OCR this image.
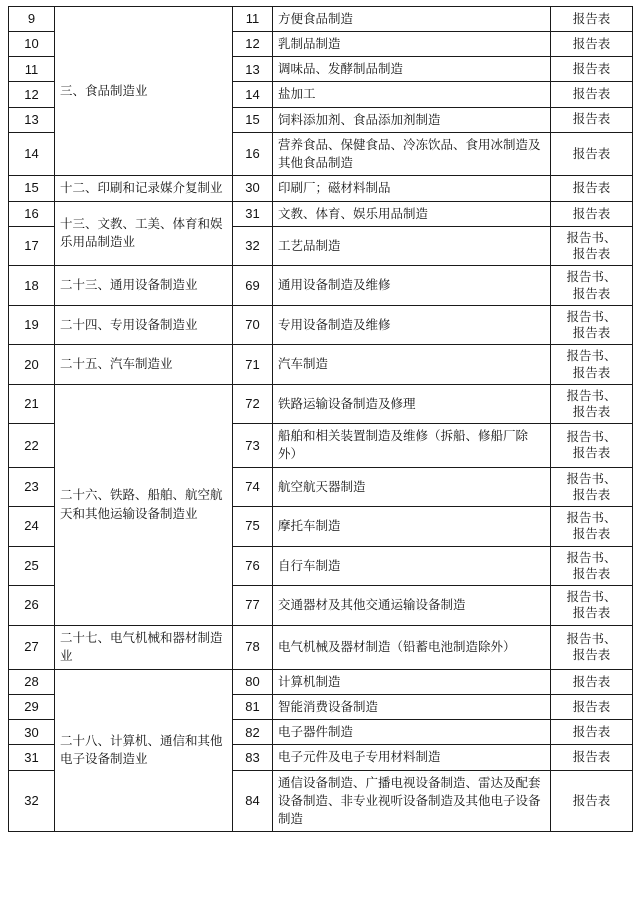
9	三、食品制造业	11	方便食品制造	报告表
10		12	乳制品制造	报告表
11		13	调味品、发酵制品制造	报告表
12		14	盐加工	报告表
13		15	饲料添加剂、食品添加剂制造	报告表
14		16	营养食品、保健食品、冷冻饮品、食用冰制造及其他食品制造	报告表
15	十二、印刷和记录媒介复制业	30	印刷厂；磁材料制品	报告表
16	十三、文教、工美、体育和娱乐用品制造业	31	文教、体育、娱乐用品制造	报告表
17		32	工艺品制造	报告书、
报告表

18	二十三、通用设备制造业	69	通用设备制造及维修	报告书、
报告表

19	二十四、专用设备制造业	70	专用设备制造及维修	报告书、
报告表

20	二十五、汽车制造业	71	汽车制造	报告书、
报告表

21	二十六、铁路、船舶、航空航天和其他运输设备制造业	72	铁路运输设备制造及修理	报告书、
报告表

22		73	船舶和相关装置制造及维修（拆船、修船厂除外）	报告书、
报告表

23		74	航空航天器制造	报告书、
报告表

24		75	摩托车制造	报告书、
报告表

25		76	自行车制造	报告书、
报告表

26		77	交通器材及其他交通运输设备制造	报告书、
报告表

27	二十七、电气机械和器材制造业	78	电气机械及器材制造（铅蓄电池制造除外）	报告书、
报告表

28	二十八、计算机、通信和其他电子设备制造业	80	计算机制造	报告表
29		81	智能消费设备制造	报告表
30		82	电子器件制造	报告表
31		83	电子元件及电子专用材料制造	报告表
32		84	通信设备制造、广播电视设备制造、雷达及配套设备制造、非专业视听设备制造及其他电子设备制造	报告表
